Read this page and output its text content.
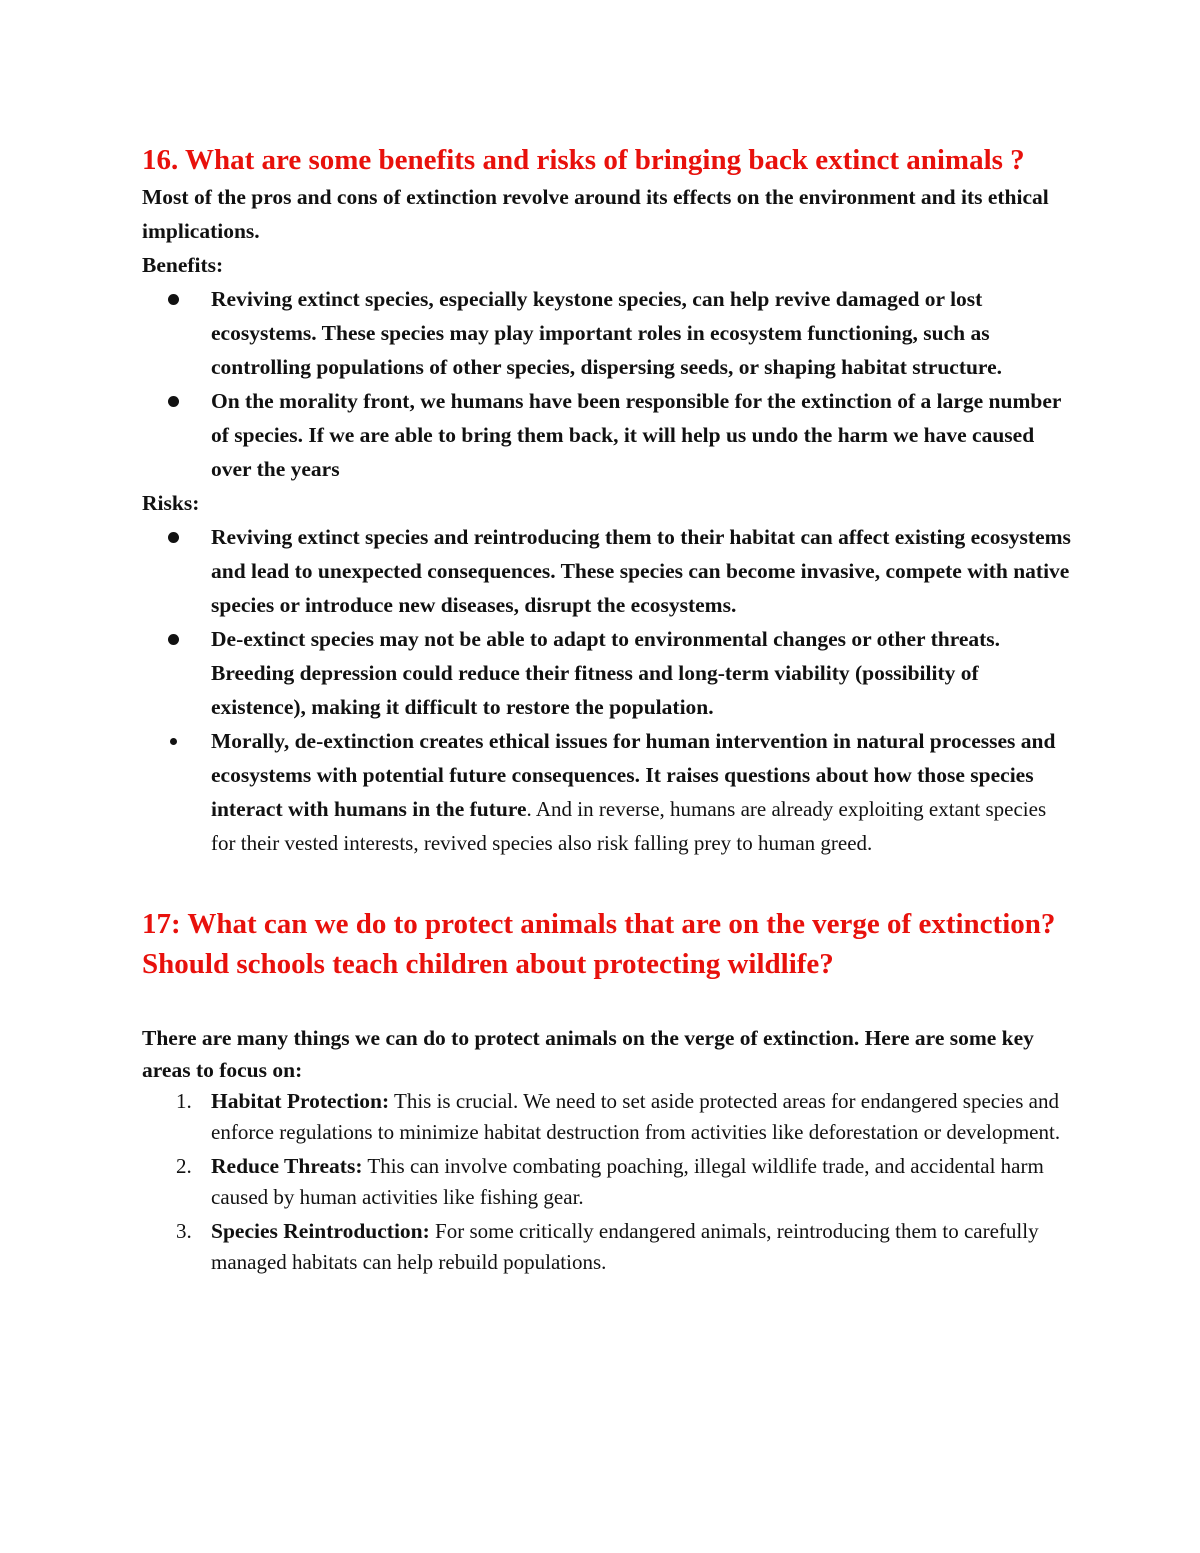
16. What are some benefits and risks of bringing back extinct animals ?

Most of the pros and cons of extinction revolve around its effects on the environment and its ethical implications.

Benefits:

Reviving extinct species, especially keystone species, can help revive damaged or lost ecosystems. These species may play important roles in ecosystem functioning, such as controlling populations of other species, dispersing seeds, or shaping habitat structure.
On the morality front, we humans have been responsible for the extinction of a large number of species. If we are able to bring them back, it will help us undo the harm we have caused over the years

Risks:

Reviving extinct species and reintroducing them to their habitat can affect existing ecosystems and lead to unexpected consequences. These species can become invasive, compete with native species or introduce new diseases, disrupt the ecosystems.
De-extinct species may not be able to adapt to environmental changes or other threats. Breeding depression could reduce their fitness and long-term viability (possibility of existence), making it difficult to restore the population.
Morally, de-extinction creates ethical issues for human intervention in natural processes and ecosystems with potential future consequences. It raises questions about how those species interact with humans in the future. And in reverse, humans are already exploiting extant species for their vested interests, revived species also risk falling prey to human greed.
17: What can we do to protect animals that are on the verge of extinction? Should schools teach children about protecting wildlife?

There are many things we can do to protect animals on the verge of extinction. Here are some key areas to focus on:

1. Habitat Protection: This is crucial. We need to set aside protected areas for endangered species and enforce regulations to minimize habitat destruction from activities like deforestation or development.
2. Reduce Threats: This can involve combating poaching, illegal wildlife trade, and accidental harm caused by human activities like fishing gear.
3. Species Reintroduction: For some critically endangered animals, reintroducing them to carefully managed habitats can help rebuild populations.
